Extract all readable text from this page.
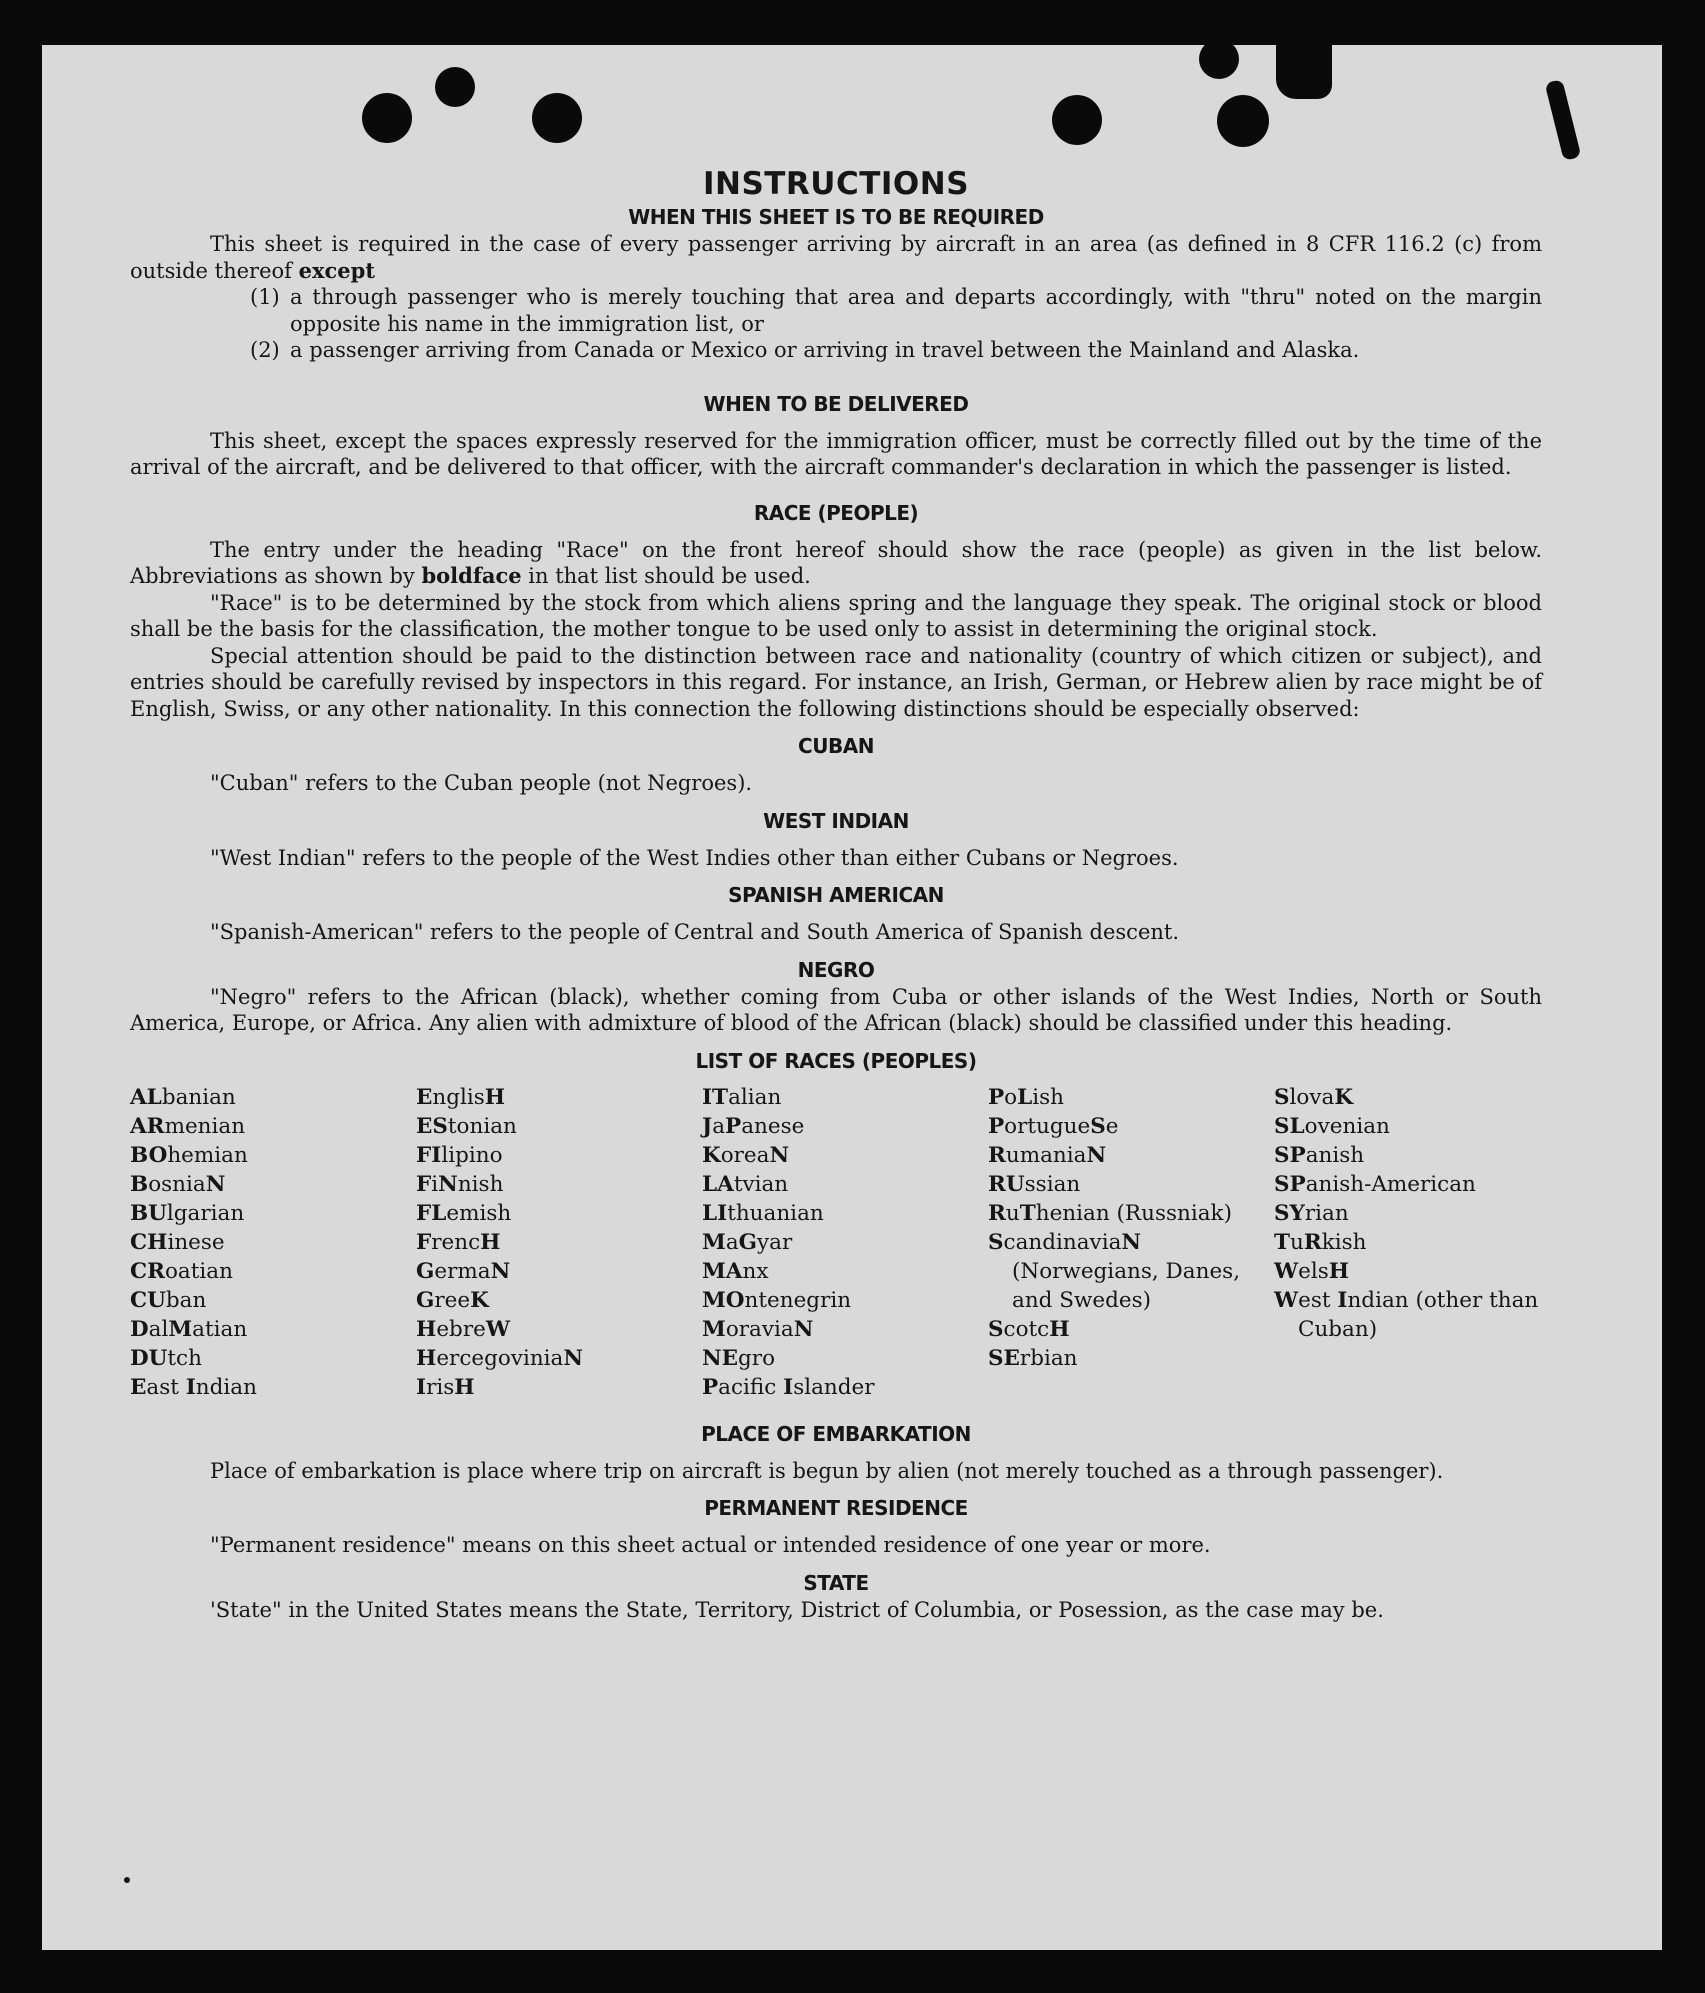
INSTRUCTIONS
WHEN THIS SHEET IS TO BE REQUIRED

This sheet is required in the case of every passenger arriving by aircraft in an area (as defined in 8 CFR 116.2 (c) from outside thereof except

(1) a through passenger who is merely touching that area and departs accordingly, with "thru" noted on the margin opposite his name in the immigration list, or
(2) a passenger arriving from Canada or Mexico or arriving in travel between the Mainland and Alaska.
WHEN TO BE DELIVERED

This sheet, except the spaces expressly reserved for the immigration officer, must be correctly filled out by the time of the arrival of the aircraft, and be delivered to that officer, with the aircraft commander's declaration in which the passenger is listed.

RACE (PEOPLE)

The entry under the heading "Race" on the front hereof should show the race (people) as given in the list below. Abbreviations as shown by boldface in that list should be used.

"Race" is to be determined by the stock from which aliens spring and the language they speak. The original stock or blood shall be the basis for the classification, the mother tongue to be used only to assist in determining the original stock.

Special attention should be paid to the distinction between race and nationality (country of which citizen or subject), and entries should be carefully revised by inspectors in this regard. For instance, an Irish, German, or Hebrew alien by race might be of English, Swiss, or any other nationality. In this connection the following distinctions should be especially observed:

CUBAN

"Cuban" refers to the Cuban people (not Negroes).

WEST INDIAN

"West Indian" refers to the people of the West Indies other than either Cubans or Negroes.

SPANISH AMERICAN

"Spanish-American" refers to the people of Central and South America of Spanish descent.

NEGRO

"Negro" refers to the African (black), whether coming from Cuba or other islands of the West Indies, North or South America, Europe, or Africa. Any alien with admixture of blood of the African (black) should be classified under this heading.

LIST OF RACES (PEOPLES)
ALbanian
ARmenian
BOhemian
BosniaN
BUlgarian
CHinese
CRoatian
CUban
DalMatian
DUtch
East Indian
EnglisH
EStonian
FIlipino
FiNnish
FLemish
FrencH
GermaN
GreeK
HebreW
HercegoviniaN
IrisH
ITalian
JaPanese
KoreaN
LAtvian
LIthuanian
MaGyar
MAnx
MOntenegrin
MoraviaN
NEgro
Pacific Islander
PoLish
PortugueSe
RumaniaN
RUssian
RuThenian (Russniak)
ScandinaviaN (Norwegians, Danes, and Swedes)
ScotcH
SErbian
SlovaK
SLovenian
SPanish
SPanish-American
SYrian
TuRkish
WelsH
West Indian (other than Cuban)
PLACE OF EMBARKATION

Place of embarkation is place where trip on aircraft is begun by alien (not merely touched as a through passenger).

PERMANENT RESIDENCE

"Permanent residence" means on this sheet actual or intended residence of one year or more.

STATE

'State" in the United States means the State, Territory, District of Columbia, or Posession, as the case may be.
